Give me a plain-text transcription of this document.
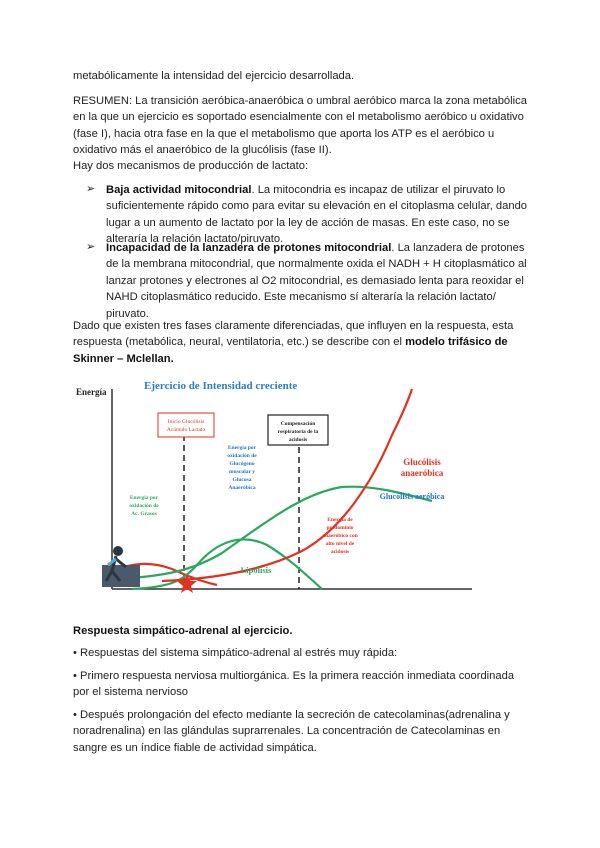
metabólicamente la intensidad del ejercicio desarrollada.
RESUMEN: La transición aeróbica-anaeróbica o umbral aeróbico marca la zona metabólica en la que un ejercicio es soportado esencialmente con el metabolismo aeróbico u oxidativo (fase I), hacia otra fase en la que el metabolismo que aporta los ATP es el aeróbico u oxidativo más el anaeróbico de la glucólisis (fase II).
Hay dos mecanismos de producción de lactato:
➢ Baja actividad mitocondrial. La mitocondria es incapaz de utilizar el piruvato lo suficientemente rápido como para evitar su elevación en el citoplasma celular, dando lugar a un aumento de lactato por la ley de acción de masas. En este caso, no se alteraría la relación lactato/piruvato.
➢ Incapacidad de la lanzadera de protones mitocondrial. La lanzadera de protones de la membrana mitocondrial, que normalmente oxida el NADH + H citoplasmático al lanzar protones y electrones al O2 mitocondrial, es demasiado lenta para reoxidar el NAHD citoplasmático reducido. Este mecanismo sí alteraría la relación lactato/ piruvato.
Dado que existen tres fases claramente diferenciadas, que influyen en la respuesta, esta respuesta (metabólica, neural, ventilatoria, etc.) se describe con el modelo trifásico de Skinner – Mclellan.
Energía	Ejercicio de Intensidad creciente
Inicio Glucólisis
Acúmulo Lactato
Compensación
respiratoria de la
acidosis
Energía por
oxidación de
Ac. Grasos
Energía por
oxidación de
Glucógeno
muscular y
Glucosa
Anaeróbica
Glucólisis
anaeróbica
Glucólisis aeróbica
Energía de
predominio
anaeróbico con
alto nivel de
acidosis
Lipólisis
Respuesta simpático-adrenal al ejercicio.
• Respuestas del sistema simpático-adrenal al estrés muy rápida:
• Primero respuesta nerviosa multiorgánica. Es la primera reacción inmediata coordinada por el sistema nervioso
• Después prolongación del efecto mediante la secreción de catecolaminas(adrenalina y noradrenalina) en las glándulas suprarrenales. La concentración de Catecolaminas en sangre es un índice fiable de actividad simpática.
